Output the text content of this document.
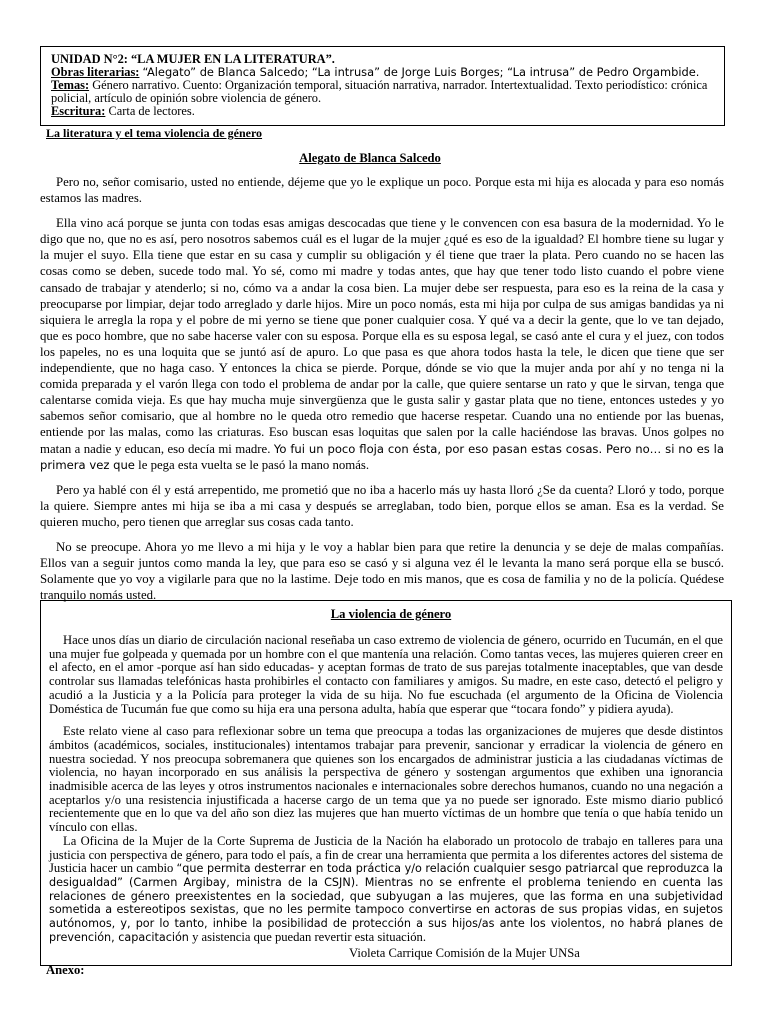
UNIDAD N°2: “LA MUJER EN LA LITERATURA”.
Obras literarias: “Alegato” de Blanca Salcedo; “La intrusa” de Jorge Luis Borges; “La intrusa” de Pedro Orgambide.
Temas: Género narrativo. Cuento: Organización temporal, situación narrativa, narrador. Intertextualidad. Texto periodístico: crónica policial, artículo de opinión sobre violencia de género.
Escritura: Carta de lectores.
La literatura y el tema violencia de género
Alegato de Blanca Salcedo

Pero no, señor comisario, usted no entiende, déjeme que yo le explique un poco. Porque esta mi hija es alocada y para eso nomás estamos las madres.

Ella vino acá porque se junta con todas esas amigas descocadas que tiene y le convencen con esa basura de la modernidad. Yo le digo que no, que no es así, pero nosotros sabemos cuál es el lugar de la mujer ¿qué es eso de la igualdad? El hombre tiene su lugar y la mujer el suyo. Ella tiene que estar en su casa y cumplir su obligación y él tiene que traer la plata. Pero cuando no se hacen las cosas como se deben, sucede todo mal. Yo sé, como mi madre y todas antes, que hay que tener todo listo cuando el pobre viene cansado de trabajar y atenderlo; si no, cómo va a andar la cosa bien. La mujer debe ser respuesta, para eso es la reina de la casa y preocuparse por limpiar, dejar todo arreglado y darle hijos. Mire un poco nomás, esta mi hija por culpa de sus amigas bandidas ya ni siquiera le arregla la ropa y el pobre de mi yerno se tiene que poner cualquier cosa. Y qué va a decir la gente, que lo ve tan dejado, que es poco hombre, que no sabe hacerse valer con su esposa. Porque ella es su esposa legal, se casó ante el cura y el juez, con todos los papeles, no es una loquita que se juntó así de apuro. Lo que pasa es que ahora todos hasta la tele, le dicen que tiene que ser independiente, que no haga caso. Y entonces la chica se pierde. Porque, dónde se vio que la mujer anda por ahí y no tenga ni la comida preparada y el varón llega con todo el problema de andar por la calle, que quiere sentarse un rato y que le sirvan, tenga que calentarse comida vieja. Es que hay mucha muje sinvergüenza que le gusta salir y gastar plata que no tiene, entonces ustedes y yo sabemos señor comisario, que al hombre no le queda otro remedio que hacerse respetar. Cuando una no entiende por las buenas, entiende por las malas, como las criaturas. Eso buscan esas loquitas que salen por la calle haciéndose las bravas. Unos golpes no matan a nadie y educan, eso decía mi madre. Yo fui un poco floja con ésta, por eso pasan estas cosas. Pero no… si no es la primera vez que le pega esta vuelta se le pasó la mano nomás.

Pero ya hablé con él y está arrepentido, me prometió que no iba a hacerlo más uy hasta lloró ¿Se da cuenta? Lloró y todo, porque la quiere. Siempre antes mi hija se iba a mi casa y después se arreglaban, todo bien, porque ellos se aman. Esa es la verdad. Se quieren mucho, pero tienen que arreglar sus cosas cada tanto.

No se preocupe. Ahora yo me llevo a mi hija y le voy a hablar bien para que retire la denuncia y se deje de malas compañías. Ellos van a seguir juntos como manda la ley, que para eso se casó y si alguna vez él le levanta la mano será porque ella se buscó. Solamente que yo voy a vigilarle para que no la lastime. Deje todo en mis manos, que es cosa de familia y no de la policía. Quédese tranquilo nomás usted.

La violencia de género

Hace unos días un diario de circulación nacional reseñaba un caso extremo de violencia de género, ocurrido en Tucumán, en el que una mujer fue golpeada y quemada por un hombre con el que mantenía una relación. Como tantas veces, las mujeres quieren creer en el afecto, en el amor -porque así han sido educadas- y aceptan formas de trato de sus parejas totalmente inaceptables, que van desde controlar sus llamadas telefónicas hasta prohibirles el contacto con familiares y amigos. Su madre, en este caso, detectó el peligro y acudió a la Justicia y a la Policía para proteger la vida de su hija. No fue escuchada (el argumento de la Oficina de Violencia Doméstica de Tucumán fue que como su hija era una persona adulta, había que esperar que “tocara fondo” y pidiera ayuda).

Este relato viene al caso para reflexionar sobre un tema que preocupa a todas las organizaciones de mujeres que desde distintos ámbitos (académicos, sociales, institucionales) intentamos trabajar para prevenir, sancionar y erradicar la violencia de género en nuestra sociedad. Y nos preocupa sobremanera que quienes son los encargados de administrar justicia a las ciudadanas víctimas de violencia, no hayan incorporado en sus análisis la perspectiva de género y sostengan argumentos que exhiben una ignorancia inadmisible acerca de las leyes y otros instrumentos nacionales e internacionales sobre derechos humanos, cuando no una negación a aceptarlos y/o una resistencia injustificada a hacerse cargo de un tema que ya no puede ser ignorado. Este mismo diario publicó recientemente que en lo que va del año son diez las mujeres que han muerto víctimas de un hombre que tenía o que había tenido un vínculo con ellas.

La Oficina de la Mujer de la Corte Suprema de Justicia de la Nación ha elaborado un protocolo de trabajo en talleres para una justicia con perspectiva de género, para todo el país, a fin de crear una herramienta que permita a los diferentes actores del sistema de Justicia hacer un cambio “que permita desterrar en toda práctica y/o relación cualquier sesgo patriarcal que reproduzca la desigualdad” (Carmen Argibay, ministra de la CSJN). Mientras no se enfrente el problema teniendo en cuenta las relaciones de género preexistentes en la sociedad, que subyugan a las mujeres, que las forma en una subjetividad sometida a estereotipos sexistas, que no les permite tampoco convertirse en actoras de sus propias vidas, en sujetos autónomos, y, por lo tanto, inhibe la posibilidad de protección a sus hijos/as ante los violentos, no habrá planes de prevención, capacitación y asistencia que puedan revertir esta situación.

Violeta Carrique Comisión de la Mujer UNSa
Anexo:
